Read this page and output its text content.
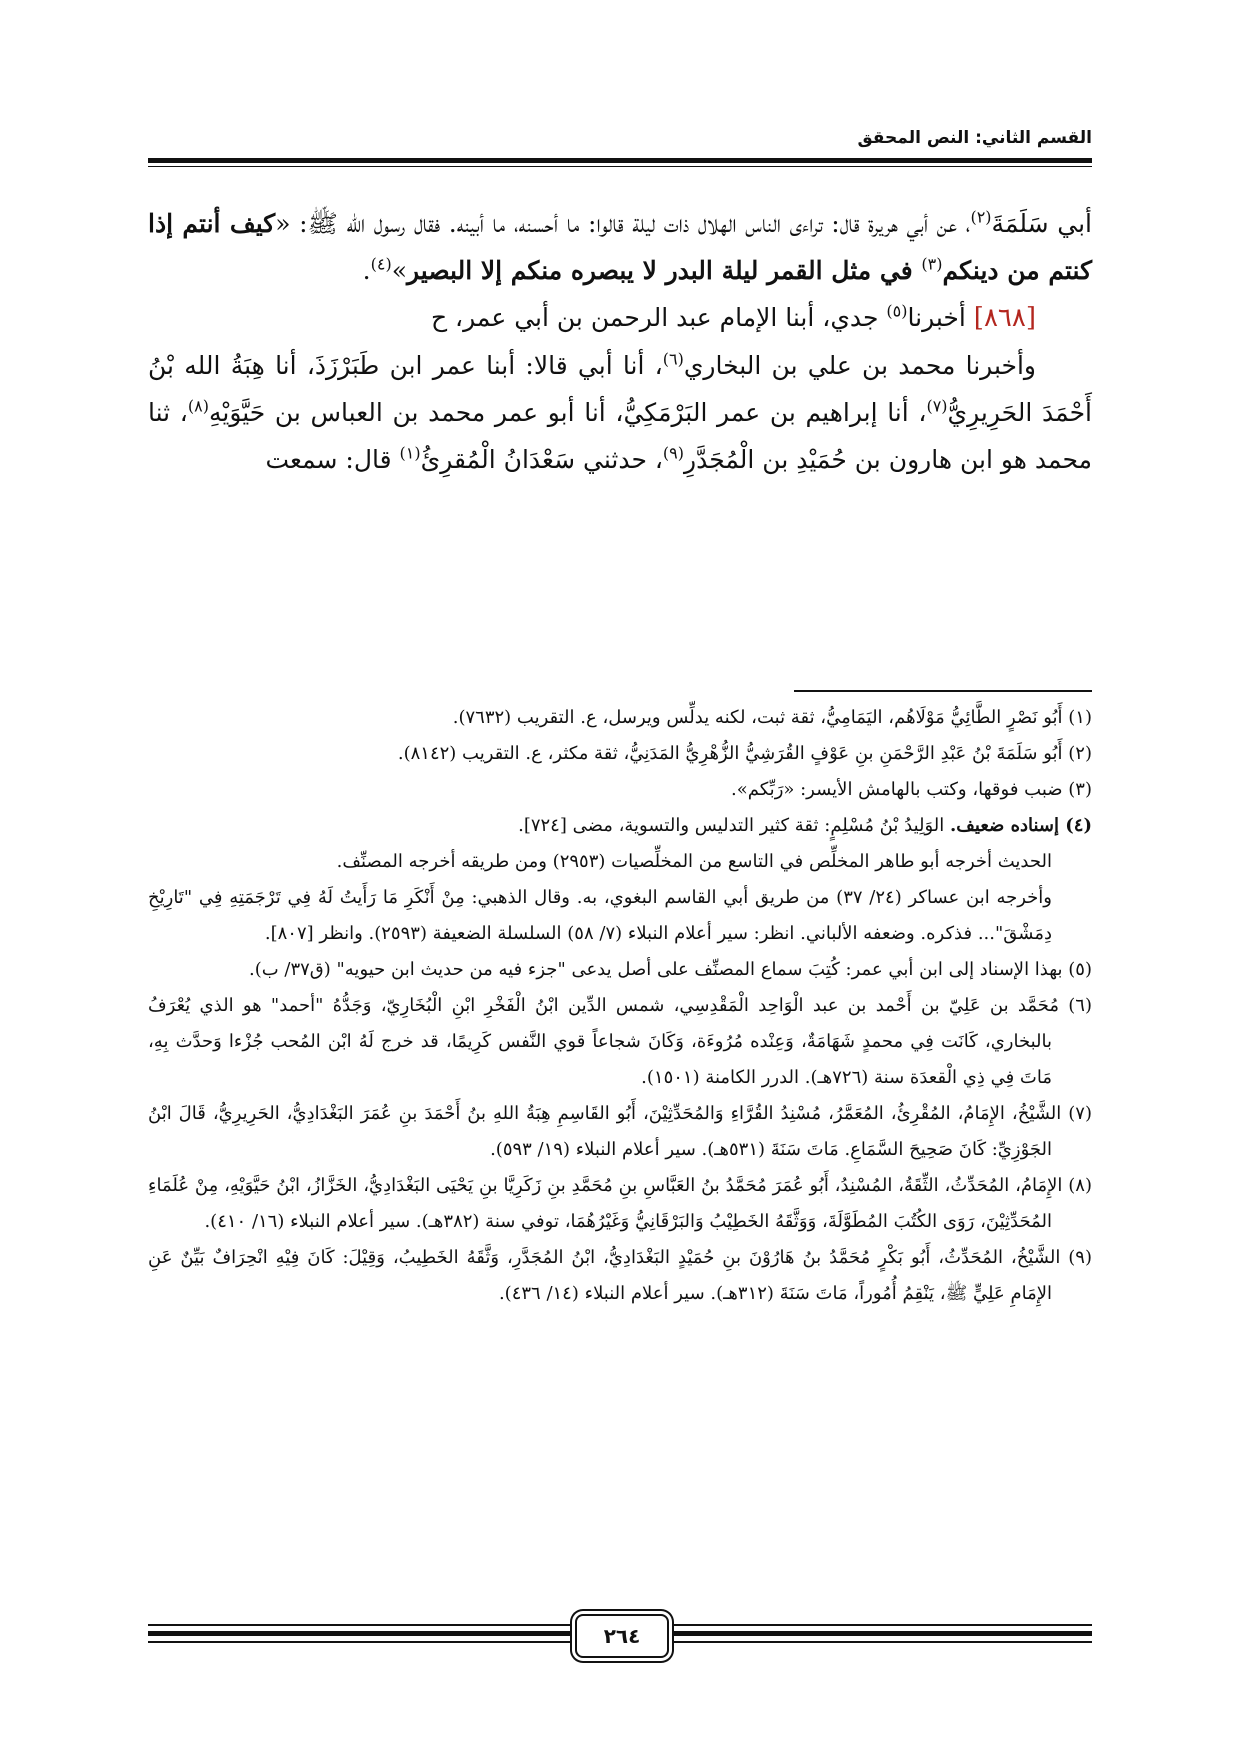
القسم الثاني: النص المحقق

أبي سَلَمَةَ$^{(٢)}$، عن أبي هريرة قال: تراءى الناس الهلال ذات ليلة قالوا: ما أحسنه، ما أبينه. فقال رسول الله ﷺ: «كيف أنتم إذا كنتم من دينكم$^{(٣)}$ في مثل القمر ليلة البدر لا يبصره منكم إلا البصير»$^{(٤)}$.

[٨٦٨] أخبرنا$^{(٥)}$ جدي، أبنا الإمام عبد الرحمن بن أبي عمر، ح

وأخبرنا محمد بن علي بن البخاري$^{(٦)}$، أنا أبي قالا: أبنا عمر ابن طَبَرْزَذَ، أنا هِبَةُ الله بْنُ أَحْمَدَ الحَرِيرِيُّ$^{(٧)}$، أنا إبراهيم بن عمر البَرْمَكِيُّ، أنا أبو عمر محمد بن العباس بن حَيَّوَيْهِ$^{(٨)}$، ثنا محمد هو ابن هارون بن حُمَيْدِ بن الْمُجَدَّرِ$^{(٩)}$، حدثني سَعْدَانُ الْمُقرِئُ$^{(١)}$ قال: سمعت

(١) أَبُو نَصْرٍ الطَّائِيُّ مَوْلَاهُم، اليَمَامِيُّ، ثقة ثبت، لكنه يدلِّس ويرسل، ع. التقريب (٧٦٣٢).

(٢) أَبُو سَلَمَةَ بْنُ عَبْدِ الرَّحْمَنِ بنِ عَوْفٍ القُرَشِيُّ الزُّهْرِيُّ المَدَنِيُّ، ثقة مكثر، ع. التقريب (٨١٤٢).

(٣) ضبب فوقها، وكتب بالهامش الأيسر: «رَبِّكم».

(٤) إسناده ضعيف. الوَلِيدُ بْنُ مُسْلِمٍ: ثقة كثير التدليس والتسوية، مضى [٧٢٤].

الحديث أخرجه أبو طاهر المخلِّص في التاسع من المخلِّصيات (٢٩٥٣) ومن طريقه أخرجه المصنِّف.

وأخرجه ابن عساكر (٢٤/ ٣٧) من طريق أبي القاسم البغوي، به. وقال الذهبي: مِنْ أَنْكَرِ مَا رَأَيتُ لَهُ فِي تَرْجَمَتِهِ فِي "تَارِيْخِ دِمَشْقَ"... فذكره. وضعفه الألباني. انظر: سير أعلام النبلاء (٧/ ٥٨) السلسلة الضعيفة (٢٥٩٣). وانظر [٨٠٧].

(٥) بهذا الإسناد إلى ابن أبي عمر: كُتِبَ سماع المصنِّف على أصل يدعى "جزء فيه من حديث ابن حيويه" (ق٣٧/ ب).

(٦) مُحَمَّد بن عَلِيّ بن أَحْمد بن عبد الْوَاحِد الْمَقْدِسِي، شمس الدِّين ابْنُ الْفَخْرِ ابْنِ الْبُخَارِيّ، وَجَدُّهُ "أحمد" هو الذي يُعْرَفُ بالبخاري، كَانَت فِي محمدٍ شَهَامَةٌ، وَعِنْده مُرُوءَة، وَكَانَ شجاعاً قوي النَّفس كَرِيمًا، قد خرج لَهُ ابْن المُحب جُزْءا وَحدَّث بِهِ، مَاتَ فِي ذِي الْقعدَة سنة (٧٢٦هـ). الدرر الكامنة (١٥٠١).

(٧) الشَّيْخُ، الإِمَامُ، المُقْرِئُ، المُعَمَّرُ، مُسْنِدُ القُرَّاءِ وَالمُحَدِّثِيْنَ، أَبُو القَاسِمِ هِبَةُ اللهِ بنُ أَحْمَدَ بنِ عُمَرَ البَغْدَادِيُّ، الحَرِيرِيُّ، قَالَ ابْنُ الجَوْزِيِّ: كَانَ صَحِيحَ السَّمَاعِ. مَاتَ سَنَةَ (٥٣١هـ). سير أعلام النبلاء (١٩/ ٥٩٣).

(٨) الإِمَامُ، المُحَدِّثُ، الثِّقَةُ، المُسْنِدُ، أَبُو عُمَرَ مُحَمَّدُ بنُ العَبَّاسِ بنِ مُحَمَّدِ بنِ زَكَرِيَّا بنِ يَحْيَى البَغْدَادِيُّ، الخَزَّازُ، ابْنُ حَيَّوَيْهِ، مِنْ عُلَمَاءِ المُحَدِّثِيْنَ، رَوَى الكُتُبَ المُطَوَّلَةَ، وَوَثَّقَهُ الخَطِيْبُ وَالبَرْقَانِيُّ وَغَيْرُهُمَا، توفي سنة (٣٨٢هـ). سير أعلام النبلاء (١٦/ ٤١٠).

(٩) الشَّيْخُ، المُحَدِّثُ، أَبُو بَكْرٍ مُحَمَّدُ بنُ هَارُوْنَ بنِ حُمَيْدٍ البَغْدَادِيُّ، ابْنُ المُجَدَّرِ، وَثَّقَهُ الخَطِيبُ، وَقِيْلَ: كَانَ فِيْهِ انْحِرَافٌ بَيِّنٌ عَنِ الإِمَامِ عَلِيٍّ ﷺ، يَنْقِمُ أُمُوراً، مَاتَ سَنَةَ (٣١٢هـ). سير أعلام النبلاء (١٤/ ٤٣٦).

٢٦٤
